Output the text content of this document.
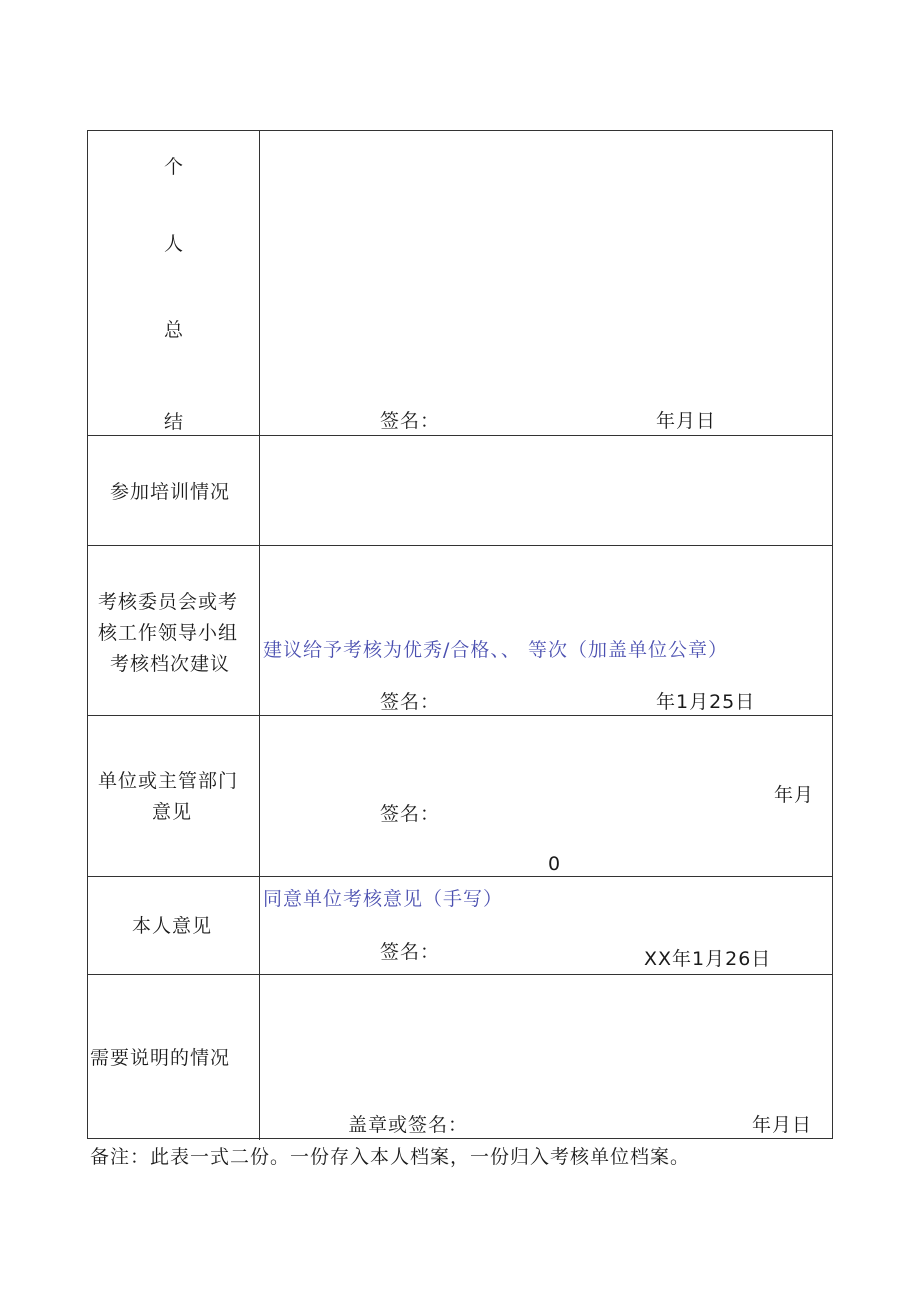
个
人
总
结	签名：	年月日
参加培训情况
考核委员会或考
核工作领导小组
考核档次建议
建议给予考核为优秀/合格、、 等次（加盖单位公章）
签名：	年1月25日
单位或主管部门
意见	签名：
年月
0
本人意见
同意单位考核意见（手写）
签名：	XX年1月26日
需要说明的情况
盖章或签名：	年月日
备注：此表一式二份。一份存入本人档案，一份归入考核单位档案。
